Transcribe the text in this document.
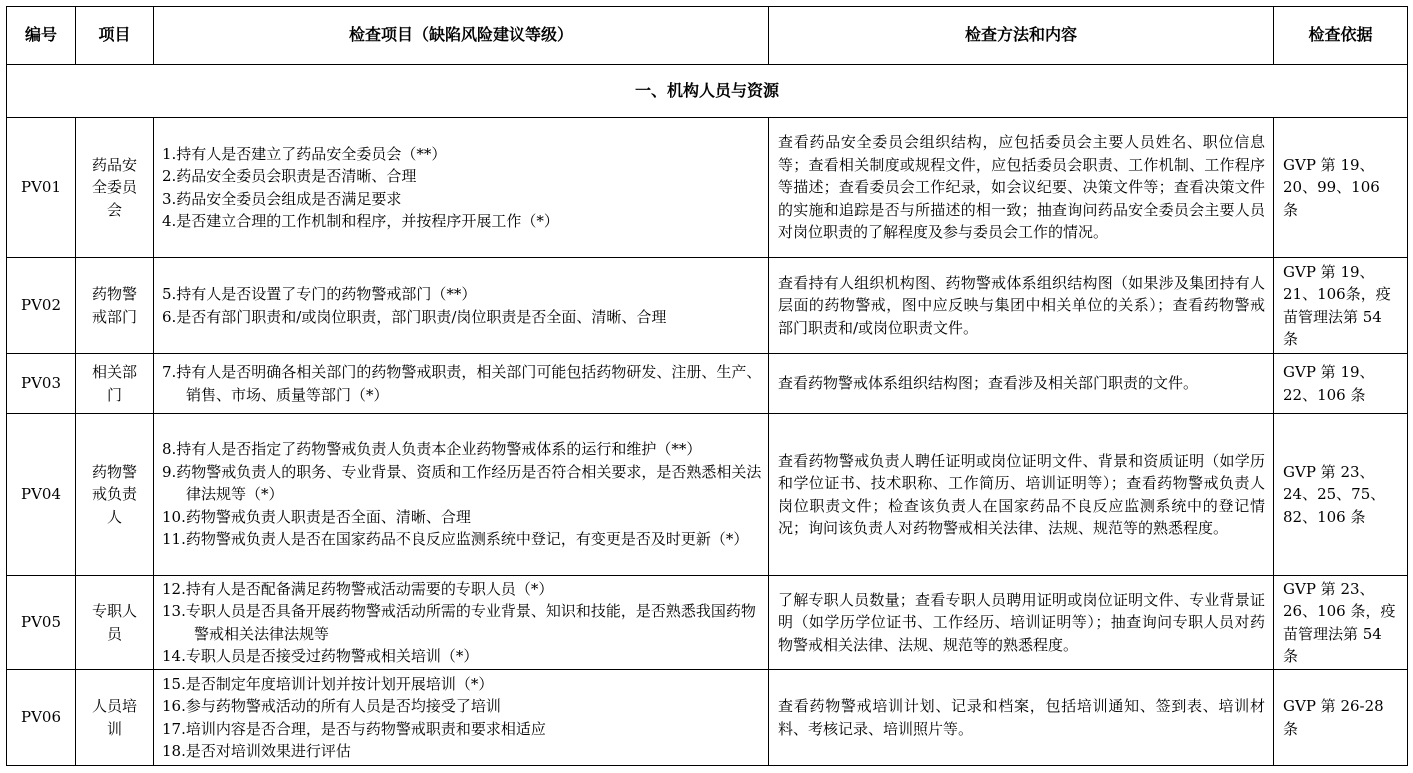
编号	项目	检查项目（缺陷风险建议等级）	检查方法和内容	检查依据
一、机构人员与资源				
PV01	药品安全委员会	1.持有人是否建立了药品安全委员会（**）

2.药品安全委员会职责是否清晰、合理

3.药品安全委员会组成是否满足要求

4.是否建立合理的工作机制和程序，并按程序开展工作（*）	查看药品安全委员会组织结构，应包括委员会主要人员姓名、职位信息等；查看相关制度或规程文件，应包括委员会职责、工作机制、工作程序等描述；查看委员会工作纪录，如会议纪要、决策文件等；查看决策文件的实施和追踪是否与所描述的相一致；抽查询问药品安全委员会主要人员对岗位职责的了解程度及参与委员会工作的情况。	GVP 第 19、20、99、106 条
PV02	药物警戒部门	5.持有人是否设置了专门的药物警戒部门（**）

6.是否有部门职责和/或岗位职责，部门职责/岗位职责是否全面、清晰、合理	查看持有人组织机构图、药物警戒体系组织结构图（如果涉及集团持有人层面的药物警戒，图中应反映与集团中相关单位的关系）；查看药物警戒部门职责和/或岗位职责文件。	GVP 第 19、21、106条，疫苗管理法第 54 条
PV03	相关部门	7.持有人是否明确各相关部门的药物警戒职责，相关部门可能包括药物研发、注册、生产、销售、市场、质量等部门（*）	查看药物警戒体系组织结构图；查看涉及相关部门职责的文件。	GVP 第 19、22、106 条
PV04	药物警戒负责人	8.持有人是否指定了药物警戒负责人负责本企业药物警戒体系的运行和维护（**）

9.药物警戒负责人的职务、专业背景、资质和工作经历是否符合相关要求，是否熟悉相关法律法规等（*）

10.药物警戒负责人职责是否全面、清晰、合理

11.药物警戒负责人是否在国家药品不良反应监测系统中登记，有变更是否及时更新（*）	查看药物警戒负责人聘任证明或岗位证明文件、背景和资质证明（如学历和学位证书、技术职称、工作简历、培训证明等）；查看药物警戒负责人岗位职责文件；检查该负责人在国家药品不良反应监测系统中的登记情况；询问该负责人对药物警戒相关法律、法规、规范等的熟悉程度。	GVP 第 23、24、25、75、82、106 条
PV05	专职人员	12.持有人是否配备满足药物警戒活动需要的专职人员（*）

13.专职人员是否具备开展药物警戒活动所需的专业背景、知识和技能，是否熟悉我国药物警戒相关法律法规等

14.专职人员是否接受过药物警戒相关培训（*）	了解专职人员数量；查看专职人员聘用证明或岗位证明文件、专业背景证明（如学历学位证书、工作经历、培训证明等）；抽查询问专职人员对药物警戒相关法律、法规、规范等的熟悉程度。	GVP 第 23、26、106 条，疫苗管理法第 54 条
PV06	人员培训	15.是否制定年度培训计划并按计划开展培训（*）

16.参与药物警戒活动的所有人员是否均接受了培训

17.培训内容是否合理，是否与药物警戒职责和要求相适应

18.是否对培训效果进行评估	查看药物警戒培训计划、记录和档案，包括培训通知、签到表、培训材料、考核记录、培训照片等。	GVP 第 26-28 条
